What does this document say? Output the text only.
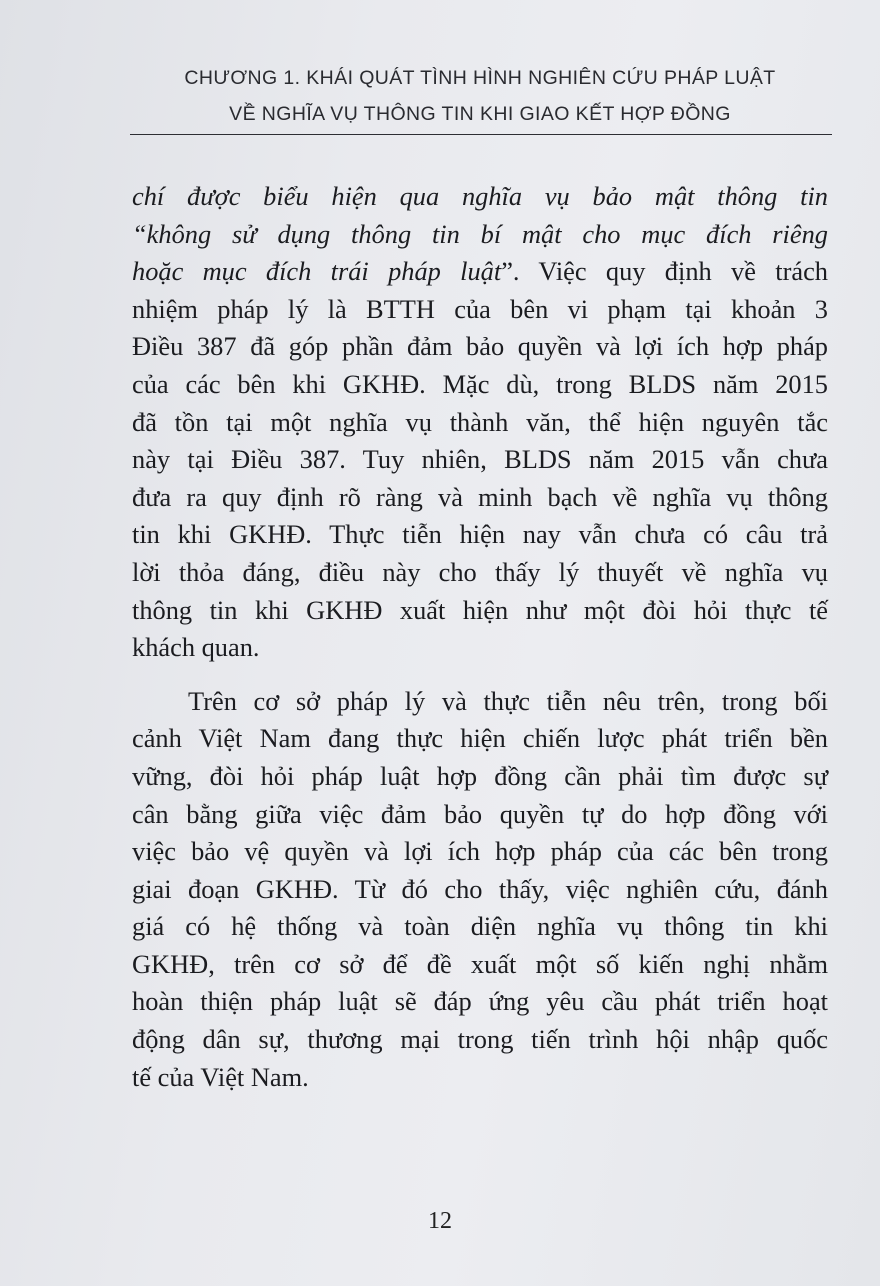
CHƯƠNG 1. KHÁI QUÁT TÌNH HÌNH NGHIÊN CỨU PHÁP LUẬT
VỀ NGHĨA VỤ THÔNG TIN KHI GIAO KẾT HỢP ĐỒNG
chí được biểu hiện qua nghĩa vụ bảo mật thông tin
“không sử dụng thông tin bí mật cho mục đích riêng
hoặc mục đích trái pháp luật”. Việc quy định về trách
nhiệm pháp lý là BTTH của bên vi phạm tại khoản 3
Điều 387 đã góp phần đảm bảo quyền và lợi ích hợp pháp
của các bên khi GKHĐ. Mặc dù, trong BLDS năm 2015
đã tồn tại một nghĩa vụ thành văn, thể hiện nguyên tắc
này tại Điều 387. Tuy nhiên, BLDS năm 2015 vẫn chưa
đưa ra quy định rõ ràng và minh bạch về nghĩa vụ thông
tin khi GKHĐ. Thực tiễn hiện nay vẫn chưa có câu trả
lời thỏa đáng, điều này cho thấy lý thuyết về nghĩa vụ
thông tin khi GKHĐ xuất hiện như một đòi hỏi thực tế
khách quan.
Trên cơ sở pháp lý và thực tiễn nêu trên, trong bối
cảnh Việt Nam đang thực hiện chiến lược phát triển bền
vững, đòi hỏi pháp luật hợp đồng cần phải tìm được sự
cân bằng giữa việc đảm bảo quyền tự do hợp đồng với
việc bảo vệ quyền và lợi ích hợp pháp của các bên trong
giai đoạn GKHĐ. Từ đó cho thấy, việc nghiên cứu, đánh
giá có hệ thống và toàn diện nghĩa vụ thông tin khi
GKHĐ, trên cơ sở để đề xuất một số kiến nghị nhằm
hoàn thiện pháp luật sẽ đáp ứng yêu cầu phát triển hoạt
động dân sự, thương mại trong tiến trình hội nhập quốc
tế của Việt Nam.
12
